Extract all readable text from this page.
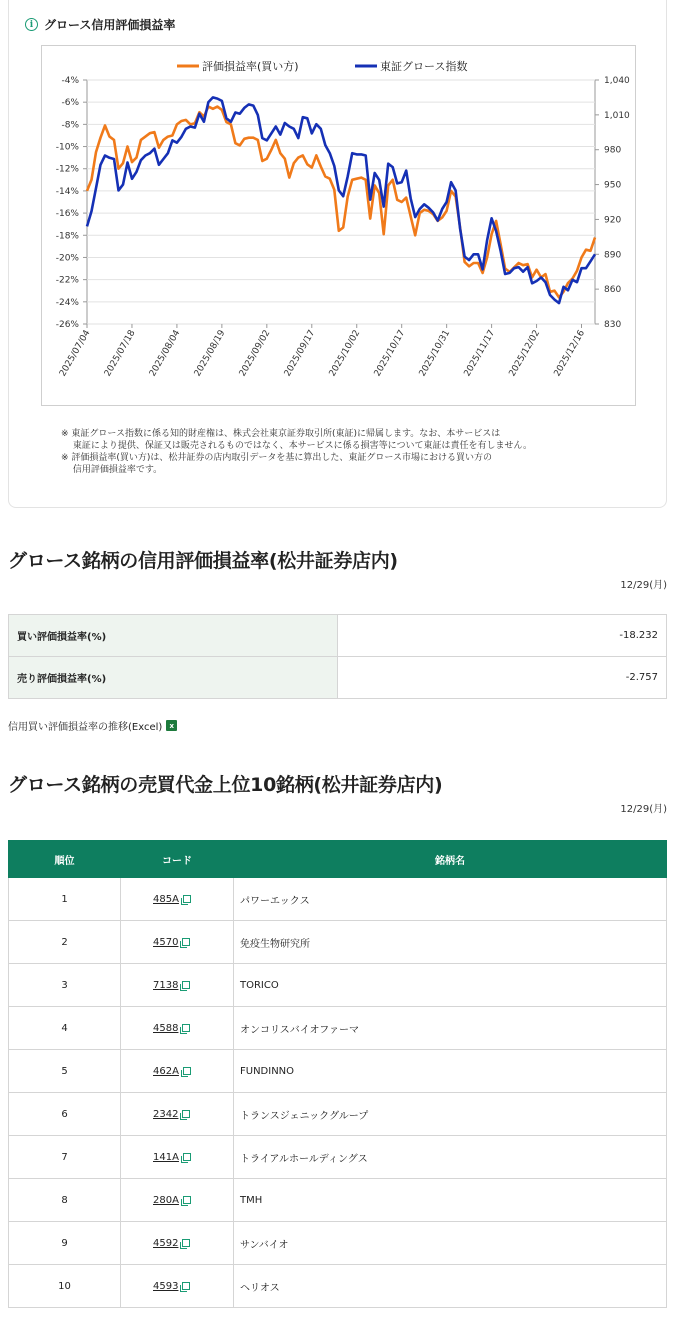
i グロース信用評価損益率
-4%
-6%
-8%
-10%
-12%
-14%
-16%
-18%
-20%
-22%
-24%
-26%
1,040
1,010
980
950
920
890
860
830
2025/07/04 2025/07/18 2025/08/04 2025/08/19 2025/09/02 2025/09/17 2025/10/02 2025/10/17 2025/10/31 2025/11/17 2025/12/02 2025/12/16
評価損益率(買い方)	東証グロース指数
※ 東証グロース指数に係る知的財産権は、株式会社東京証券取引所(東証)に帰属します。なお、本サービスは
　 東証により提供、保証又は販売されるものではなく、本サービスに係る損害等について東証は責任を有しません。
※ 評価損益率(買い方)は、松井証券の店内取引データを基に算出した、東証グロース市場における買い方の
　 信用評価損益率です。
グロース銘柄の信用評価損益率(松井証券店内)
12/29(月)
買い評価損益率(%)	-18.232
売り評価損益率(%)	-2.757
信用買い評価損益率の推移(Excel)	x
グロース銘柄の売買代金上位10銘柄(松井証券店内)
12/29(月)
順位	コード	銘柄名
1	485A	パワーエックス
2	4570	免疫生物研究所
3	7138	TORICO
4	4588	オンコリスバイオファーマ
5	462A	FUNDINNO
6	2342	トランスジェニックグループ
7	141A	トライアルホールディングス
8	280A	TMH
9	4592	サンバイオ
10	4593	ヘリオス
